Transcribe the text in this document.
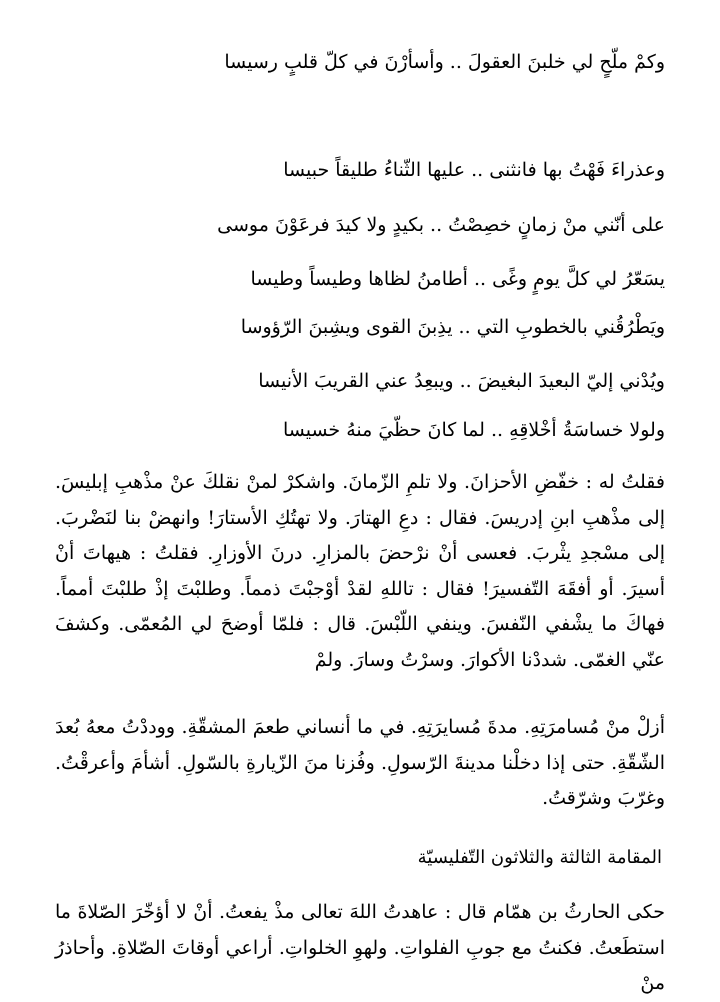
وكمْ ملّحٍ لي خلبنَ العقولَ .. وأسأرْنَ في كلّ قلبٍ رسيسا
وعذراءَ فَهْتُ بها فانثنى .. عليها الثّناءُ طليقاً حبيسا
على أنّني منْ زمانٍ خصِصْتُ .. بكيدٍ ولا كيدَ فرعَوْنَ موسى
يسَعّرُ لي كلَّ يومٍ وغًى .. أطامنُ لظاها وطيساً وطيسا
ويَطْرُقُني بالخطوبِ التي .. يذِبنَ القوى ويشِبنَ الرّؤوسا
ويُدْني إليّ البعيدَ البغيضَ .. ويبعِدُ عني القريبَ الأنيسا
ولولا خساسَةُ أخْلاقِهِ .. لما كانَ حظّيَ منهُ خسيسا
فقلتُ له : خفّضِ الأحزانَ. ولا تلمِ الزّمانَ. واشكرْ لمنْ نقلكَ عنْ مذْهبِ إبليسَ. إلى مذْهبِ ابنِ إدريسَ. فقال : دعِ الهتارَ. ولا تهتُكِ الأستارَ! وانهضْ بنا لنَضْربَ. إلى مسْجدِ يثْربَ. فعسى أنْ نرْحضَ بالمزارِ. درنَ الأوزارِ. فقلتُ : هيهاتَ أنْ أسيرَ. أو أفقَهَ التّفسيرَ! فقال : تاللهِ لقدْ أوْجبْتَ ذمماً. وطلبْتَ إذْ طلبْتَ أمماً. فهاكَ ما يشْفي النّفسَ. وينفي اللّبْسَ. قال : فلمّا أوضحَ لي المُعمّى. وكشفَ عنّي الغمّى. شددْنا الأكوارَ. وسرْتُ وسارَ. ولمْ
أزلْ منْ مُسامرَتِهِ. مدةَ مُسايرَتِهِ. في ما أنساني طعمَ المشقّةِ. ووددْتُ معهُ بُعدَ الشّقّةِ. حتى إذا دخلْنا مدينةَ الرّسولِ. وفُزنا منَ الزّيارةِ بالسّولِ. أشأمَ وأعرقْتُ. وغرّبَ وشرّقتُ.
المقامة الثالثة والثلاثون التّفليسيّة
حكى الحارثُ بن همّام قال : عاهدتُ اللهَ تعالى مذْ يفعتُ. أنْ لا أؤخّرَ الصّلاةَ ما استطَعتُ. فكنتُ مع جوبِ الفلواتِ. ولهوِ الخلواتِ. أراعي أوقاتَ الصّلاةِ. وأحاذرُ منْ
